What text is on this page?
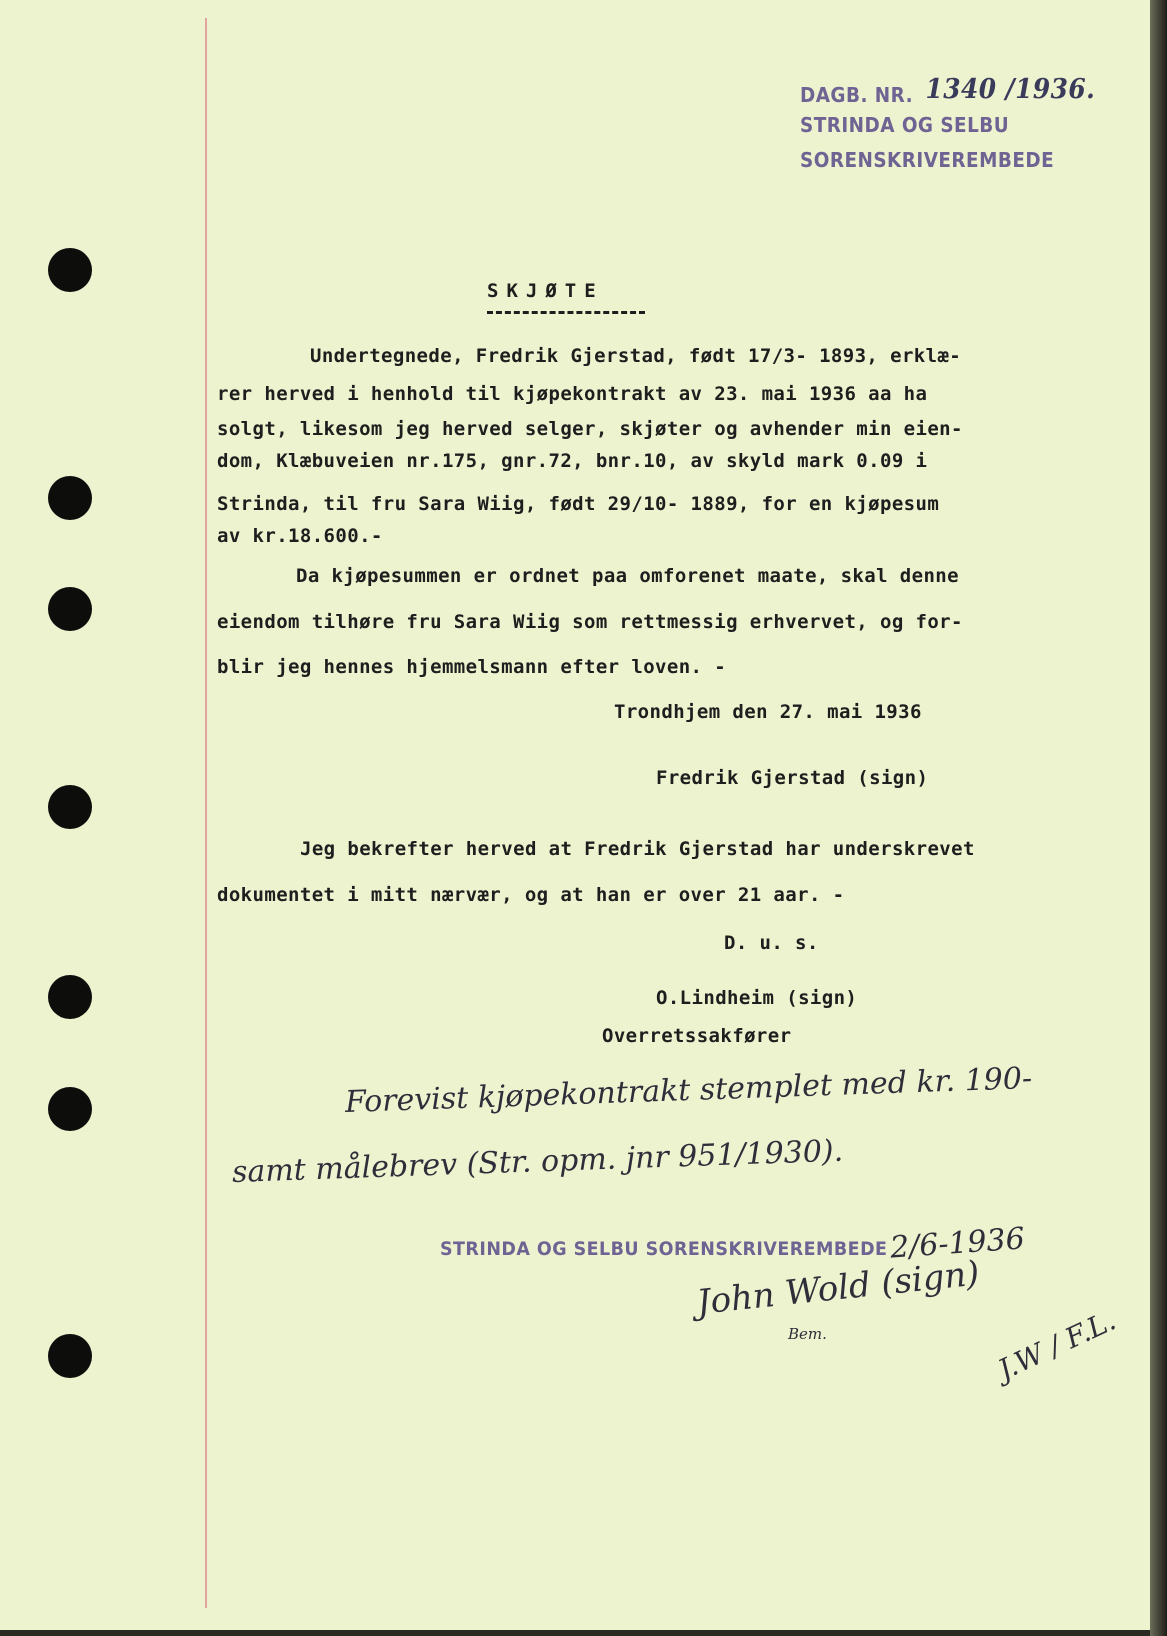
DAGB. NR. 1340 /1936.
STRINDA OG SELBU
SORENSKRIVEREMBEDE
SKJØTE
Undertegnede, Fredrik Gjerstad, født 17/3- 1893, erklæ-
rer herved i henhold til kjøpekontrakt av 23. mai 1936 aa ha
solgt, likesom jeg herved selger, skjøter og avhender min eien-
dom, Klæbuveien nr.175, gnr.72, bnr.10, av skyld mark 0.09 i
Strinda, til fru Sara Wiig, født 29/10- 1889, for en kjøpesum
av kr.18.600.-
Da kjøpesummen er ordnet paa omforenet maate, skal denne
eiendom tilhøre fru Sara Wiig som rettmessig erhvervet, og for-
blir jeg hennes hjemmelsmann efter loven. -
Trondhjem den 27. mai 1936
Fredrik Gjerstad (sign)
Jeg bekrefter herved at Fredrik Gjerstad har underskrevet
dokumentet i mitt nærvær, og at han er over 21 aar. -
D. u. s.
O.Lindheim (sign)
Overretssakfører
Forevist kjøpekontrakt stemplet med kr. 190-
samt målebrev (Str. opm. jnr 951/1930).
STRINDA OG SELBU SORENSKRIVEREMBEDE 2/6-1936
John Wold (sign)
Bem.	J.W / F.L.
